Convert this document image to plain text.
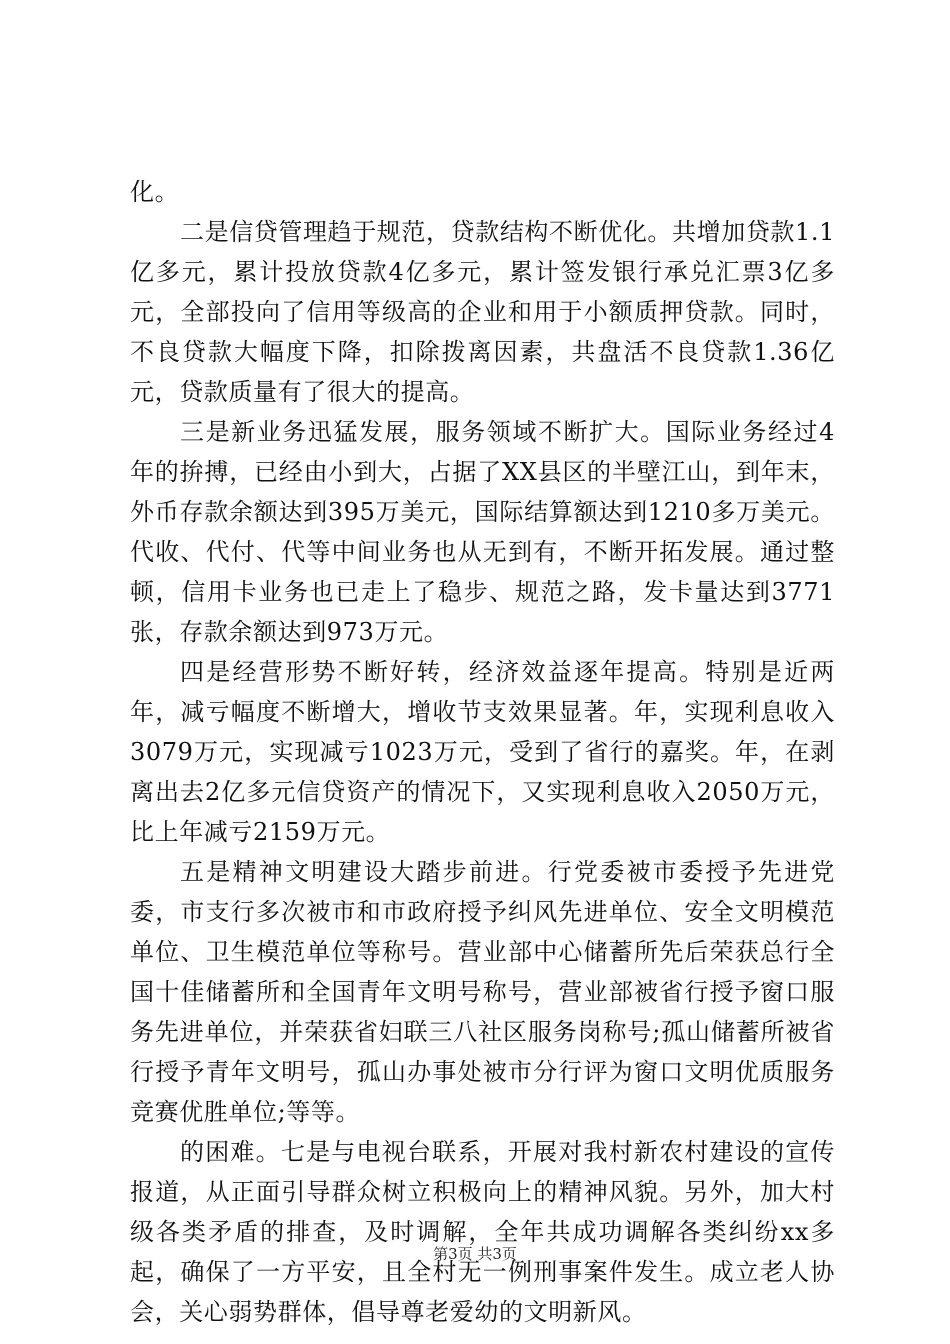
化。

二是信贷管理趋于规范，贷款结构不断优化。共增加贷款1.1亿多元，累计投放贷款4亿多元，累计签发银行承兑汇票3亿多元，全部投向了信用等级高的企业和用于小额质押贷款。同时，不良贷款大幅度下降，扣除拨离因素，共盘活不良贷款1.36亿元，贷款质量有了很大的提高。

三是新业务迅猛发展，服务领域不断扩大。国际业务经过4年的拚搏，已经由小到大，占据了XX县区的半壁江山，到年末，外币存款余额达到395万美元，国际结算额达到1210多万美元。代收、代付、代等中间业务也从无到有，不断开拓发展。通过整顿，信用卡业务也已走上了稳步、规范之路，发卡量达到3771张，存款余额达到973万元。

四是经营形势不断好转，经济效益逐年提高。特别是近两年，减亏幅度不断增大，增收节支效果显著。年，实现利息收入3079万元，实现减亏1023万元，受到了省行的嘉奖。年，在剥离出去2亿多元信贷资产的情况下，又实现利息收入2050万元，比上年减亏2159万元。

五是精神文明建设大踏步前进。行党委被市委授予先进党委，市支行多次被市和市政府授予纠风先进单位、安全文明模范单位、卫生模范单位等称号。营业部中心储蓄所先后荣获总行全国十佳储蓄所和全国青年文明号称号，营业部被省行授予窗口服务先进单位，并荣获省妇联三八社区服务岗称号;孤山储蓄所被省行授予青年文明号，孤山办事处被市分行评为窗口文明优质服务竞赛优胜单位;等等。

的困难。七是与电视台联系，开展对我村新农村建设的宣传报道，从正面引导群众树立积极向上的精神风貌。另外，加大村级各类矛盾的排查，及时调解，全年共成功调解各类纠纷xx多起，确保了一方平安，且全村无一例刑事案件发生。成立老人协会，关心弱势群体，倡导尊老爱幼的文明新风。

第3页 共3页
